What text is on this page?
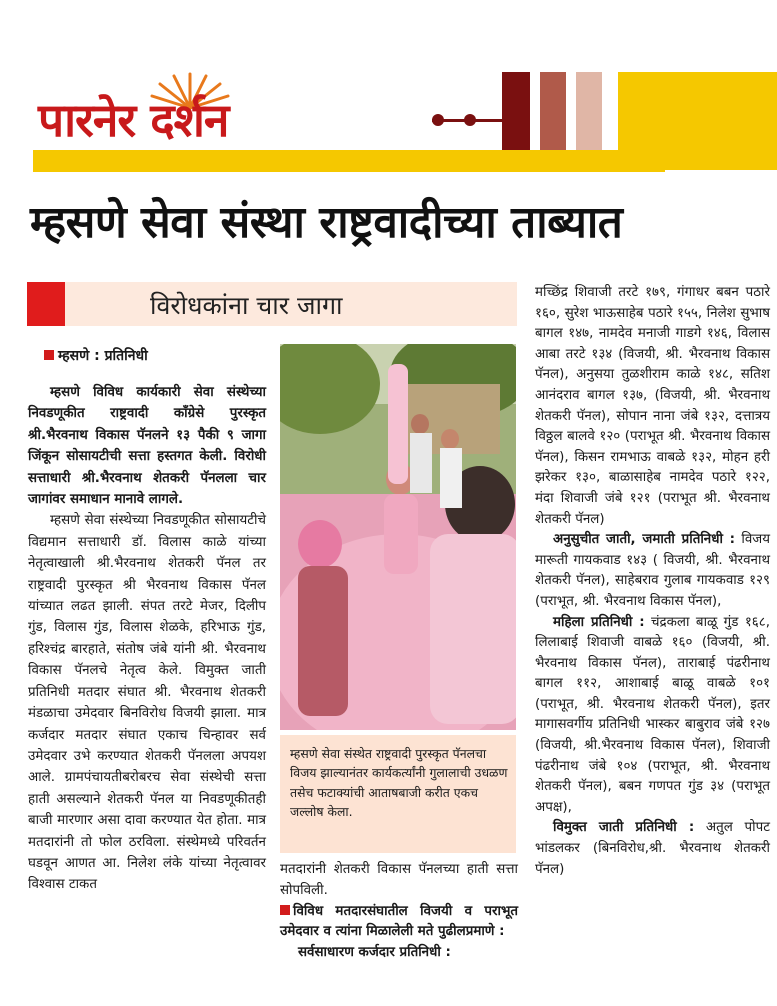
पारनेर दर्शन
म्हसणे सेवा संस्था राष्ट्रवादीच्या ताब्यात
विरोधकांना चार जागा
म्हसणे : प्रतिनिधी

म्हसणे विविध कार्यकारी सेवा संस्थेच्या निवडणूकीत राष्ट्रवादी कॉंग्रेसे पुरस्कृत श्री.भैरवनाथ विकास पॅनलने १३ पैकी ९ जागा जिंकून सोसायटीची सत्ता हस्तगत केली. विरोधी सत्ताधारी श्री.भैरवनाथ शेतकरी पॅनलला चार जागांवर समाधान मानावे लागले.

म्हसणे सेवा संस्थेच्या निवडणूकीत सोसायटीचे विद्यमान सत्ताधारी डॉ. विलास काळे यांच्या नेतृत्वाखाली श्री.भैरवनाथ शेतकरी पॅनल तर राष्ट्रवादी पुरस्कृत श्री भैरवनाथ विकास पॅनल यांच्यात लढत झाली. संपत तरटे मेजर, दिलीप गुंड, विलास गुंड, विलास शेळके, हरिभाऊ गुंड, हरिश्चंद्र बारहाते, संतोष जंबे यांनी श्री. भैरवनाथ विकास पॅनलचे नेतृत्व केले. विमुक्त जाती प्रतिनिधी मतदार संघात श्री. भैरवनाथ शेतकरी मंडळाचा उमेदवार बिनविरोध विजयी झाला. मात्र कर्जदार मतदार संघात एकाच चिन्हावर सर्व उमेदवार उभे करण्यात शेतकरी पॅनलला अपयश आले. ग्रामपंचायतीबरोबरच सेवा संस्थेची सत्ता हाती असल्याने शेतकरी पॅनल या निवडणूकीतही बाजी मारणार असा दावा करण्यात येत होता. मात्र मतदारांनी तो फोल ठरविला. संस्थेमध्ये परिवर्तन घडवून आणत आ. निलेश लंके यांच्या नेतृत्वावर विश्वास टाकत

म्हसणे सेवा संस्थेत राष्ट्रवादी पुरस्कृत पॅनलचा विजय झाल्यानंतर कार्यकर्त्यांनी गुलालाची उधळण तसेच फटाक्यांची आताषबाजी करीत एकच जल्लोष केला.

मतदारांनी शेतकरी विकास पॅनलच्या हाती सत्ता सोपविली.

विविध मतदारसंघातील विजयी व पराभूत उमेदवार व त्यांना मिळालेली मते पुढीलप्रमाणे :

सर्वसाधारण कर्जदार प्रतिनिधी :

मच्छिंद्र शिवाजी तरटे १७९, गंगाधर बबन पठारे १६०, सुरेश भाऊसाहेब पठारे १५५, निलेश सुभाष बागल १४७, नामदेव मनाजी गाडगे १४६, विलास आबा तरटे १३४ (विजयी, श्री. भैरवनाथ विकास पॅनल), अनुसया तुळशीराम काळे १४८, सतिश आनंदराव बागल १३७, (विजयी, श्री. भैरवनाथ शेतकरी पॅनल), सोपान नाना जंबे १३२, दत्तात्रय विठ्ठल बालवे १२० (पराभूत श्री. भैरवनाथ विकास पॅनल), किसन रामभाऊ वाबळे १३२, मोहन हरी झरेकर १३०, बाळासाहेब नामदेव पठारे १२२, मंदा शिवाजी जंबे १२१ (पराभूत श्री. भैरवनाथ शेतकरी पॅनल)

अनुसुचीत जाती, जमाती प्रतिनिधी : विजय मारूती गायकवाड १४३ ( विजयी, श्री. भैरवनाथ शेतकरी पॅनल), साहेबराव गुलाब गायकवाड १२९ (पराभूत, श्री. भैरवनाथ विकास पॅनल),

महिला प्रतिनिधी : चंद्रकला बाळू गुंड १६८, लिलाबाई शिवाजी वाबळे १६० (विजयी, श्री. भैरवनाथ विकास पॅनल), ताराबाई पंढरीनाथ बागल ११२, आशाबाई बाळू वाबळे १०१ (पराभूत, श्री. भैरवनाथ शेतकरी पॅनल), इतर मागासवर्गीय प्रतिनिधी भास्कर बाबुराव जंबे १२७ (विजयी, श्री.भैरवनाथ विकास पॅनल), शिवाजी पंढरीनाथ जंबे १०४ (पराभूत, श्री. भैरवनाथ शेतकरी पॅनल), बबन गणपत गुंड ३४ (पराभूत अपक्ष),

विमुक्त जाती प्रतिनिधी : अतुल पोपट भांडलकर (बिनविरोध,श्री. भैरवनाथ शेतकरी पॅनल)
